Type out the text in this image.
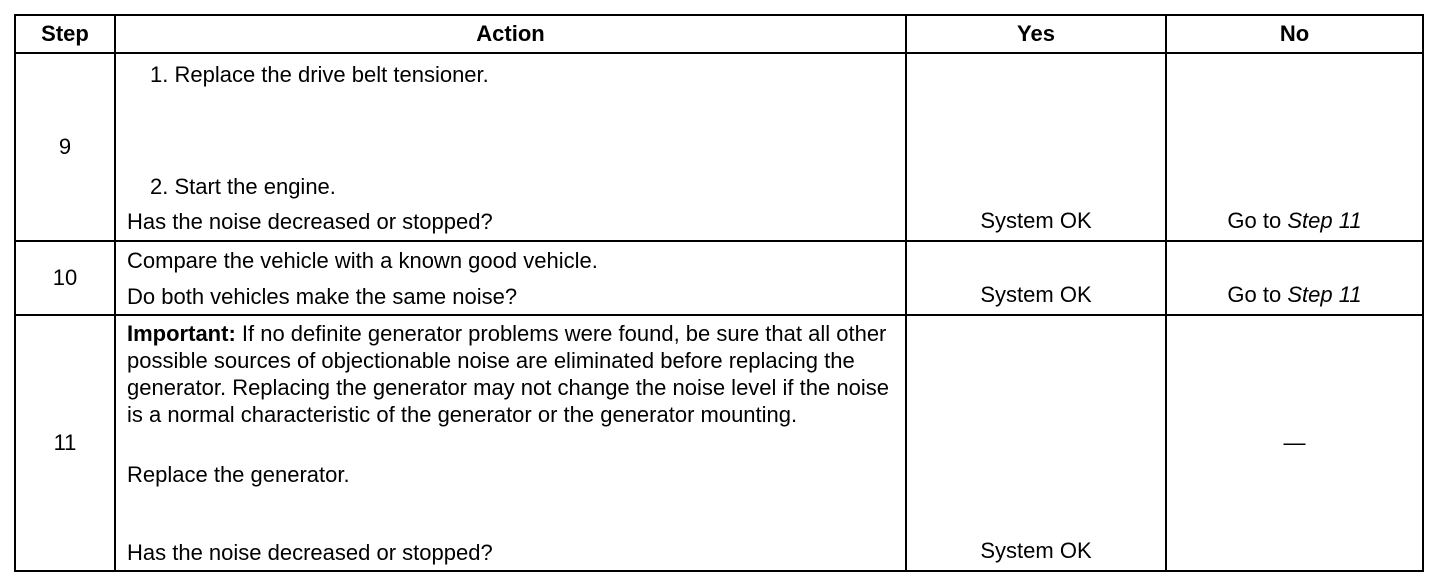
Step	Action	Yes	No
9	1. Replace the drive belt tensioner.
2. Start the engine.
Has the noise decreased or stopped?	System OK	Go to Step 11
10	Compare the vehicle with a known good vehicle.
Do both vehicles make the same noise?	System OK	Go to Step 11
11	Important: If no definite generator problems were found, be sure that all other possible sources of objectionable noise are eliminated before replacing the generator. Replacing the generator may not change the noise level if the noise is a normal characteristic of the generator or the generator mounting.
Replace the generator.
Has the noise decreased or stopped?	System OK	—
